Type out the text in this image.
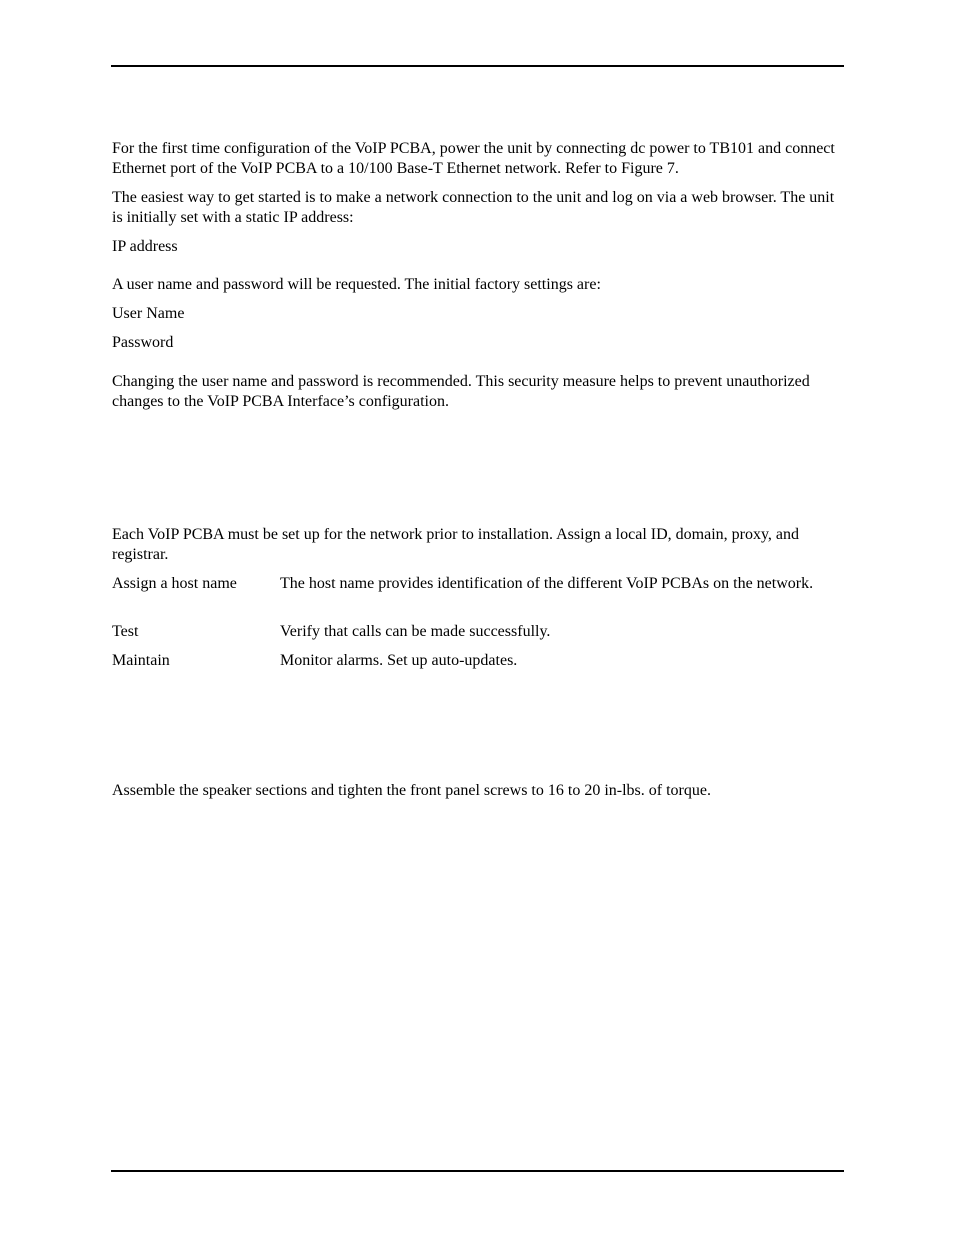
For the first time configuration of the VoIP PCBA, power the unit by connecting dc power to TB101 and connect Ethernet port of the VoIP PCBA to a 10/100 Base-T Ethernet network. Refer to Figure 7.

The easiest way to get started is to make a network connection to the unit and log on via a web browser. The unit is initially set with a static IP address:

IP address

A user name and password will be requested. The initial factory settings are:

User Name

Password

Changing the user name and password is recommended. This security measure helps to prevent unauthorized changes to the VoIP PCBA Interface’s configuration.

Each VoIP PCBA must be set up for the network prior to installation. Assign a local ID, domain, proxy, and registrar.

Assign a host name	The host name provides identification of the different VoIP PCBAs on the network.
Test	Verify that calls can be made successfully.
Maintain	Monitor alarms. Set up auto-updates.

Assemble the speaker sections and tighten the front panel screws to 16 to 20 in-lbs. of torque.
